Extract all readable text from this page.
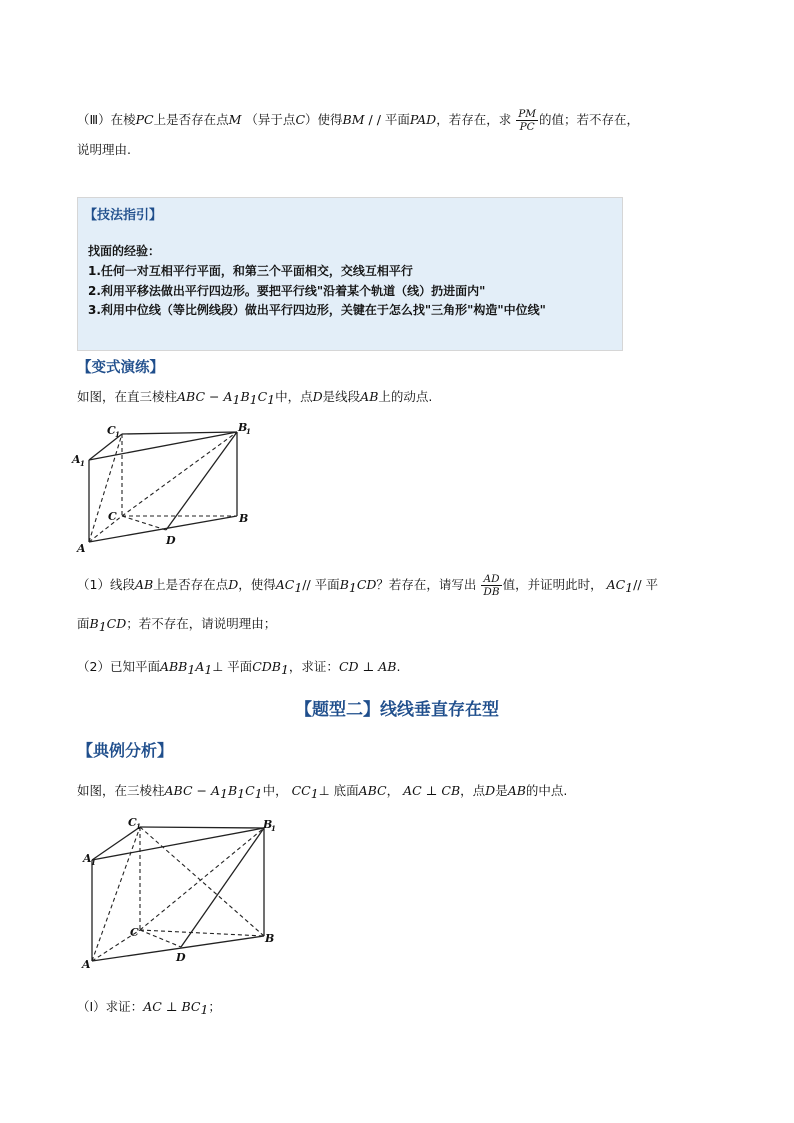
（Ⅲ）在棱PC上是否存在点M （异于点C）使得BM / / 平面PAD，若存在，求 $\frac{PM}{PC}$ 的值；若不存在，
说明理由.
【技法指引】
找面的经验：
1.任何一对互相平行平面，和第三个平面相交，交线互相平行
2.利用平移法做出平行四边形。要把平行线"沿着某个轨道（线）扔进面内"
3.利用中位线（等比例线段）做出平行四边形，关键在于怎么找"三角形"构造"中位线"
【变式演练】
如图，在直三棱柱ABC − $A_1B_1C_1$中，点D是线段AB上的动点.
C 1
B
1
A 1
C	B
A
D
（1）线段AB上是否存在点D，使得$AC_1//$ 平面$B_1CD$？若存在，请写出 $\frac{AD}{DB}$ 值，并证明此时， $AC_1//$ 平
面$B_1CD$；若不存在，请说明理由；
（2）已知平面$ABB_1A_1\perp$ 平面$CDB_1$，求证：CD ⊥ AB.
【题型二】线线垂直存在型
【典例分析】
如图，在三棱柱ABC − $A_1B_1C_1$中， $CC_1\perp$ 底面ABC， AC ⊥ CB，点D是AB的中点.
C 1	B
1
A 1
C	B
A
D
（Ⅰ）求证：AC ⊥ $BC_1$；
